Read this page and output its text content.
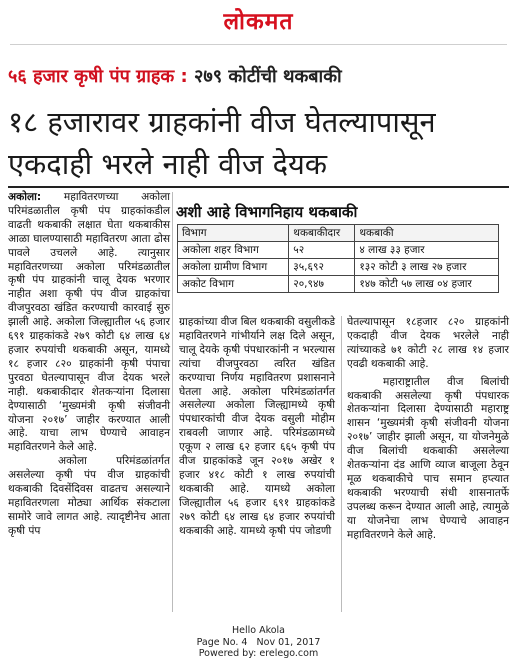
लोकमत
५६ हजार कृषी पंप ग्राहक : २७९ कोटींची थकबाकी
१८ हजारावर ग्राहकांनी वीज घेतल्यापासून
एकदाही भरले नाही वीज देयक

अकोला: महावितरणच्या अकोला परिमंडळातील कृषी पंप ग्राहकांकडील वाढती थकबाकी लक्षात घेता थकबाकीस आळा घालण्यासाठी महावितरण आता ढोस पावले उचलले आहे. त्यानुसार महावितरणच्या अकोला परिमंडळातील कृषी पंप ग्राहकांनी चालू देयक भरणार नाहीत अशा कृषी पंप वीज ग्राहकांचा वीजपुरवठा खंडित करण्याची कारवाई सुरु झाली आहे. अकोला जिल्ह्यातील ५६ हजार ६९१ ग्राहकांकडे २७९ कोटी ६४ लाख ६४ हजार रुपयांची थकबाकी असून, यामध्ये १८ हजार ८२० ग्राहकांनी कृषी पंपाचा पुरवठा घेतल्यापासून वीज देयक भरले नाही. थकबाकीदार शेतकऱ्यांना दिलासा देण्यासाठी ‘मुख्यमंत्री कृषी संजीवनी योजना २०१७’ जाहीर करण्यात आली आहे. याचा लाभ घेण्याचे आवाहन महावितरणने केले आहे.

अकोला परिमंडळांतर्गत असलेल्या कृषी पंप वीज ग्राहकांची थकबाकी दिवसेंदिवस वाढतच असल्याने महावितरणला मोठ्या आर्थिक संकटाला सामोरे जावे लागत आहे. त्यादृष्टीनेच आता कृषी पंप

अशी आहे विभागनिहाय थकबाकी
विभाग	थकबाकीदार	थकबाकी
अकोला शहर विभाग	५२	४ लाख ३३ हजार
अकोला ग्रामीण विभाग	३५,६९२	१३२ कोटी ३ लाख २७ हजार
अकोट विभाग	२०,९४७	१४७ कोटी ५७ लाख ०४ हजार

ग्राहकांच्या वीज बिल थकबाकी वसुलीकडे महावितरणने गांभीर्याने लक्ष दिले असून, चालू देयके कृषी पंपधारकांनी न भरल्यास त्यांचा वीजपुरवठा त्वरित खंडित करण्याचा निर्णय महावितरण प्रशासनाने घेतला आहे. अकोला परिमंडळांतर्गत असलेल्या अकोला जिल्ह्यामध्ये कृषी पंपधारकांची वीज देयक वसुली मोहीम राबवली जाणार आहे. परिमंडळामध्ये एकूण २ लाख ६२ हजार ६६५ कृषी पंप वीज ग्राहकांकडे जून २०१७ अखेर १ हजार ४१८ कोटी १ लाख रुपयांची थकबाकी आहे. यामध्ये अकोला जिल्ह्यातील ५६ हजार ६९१ ग्राहकांकडे २७९ कोटी ६४ लाख ६४ हजार रुपयांची थकबाकी आहे. यामध्ये कृषी पंप जोडणी

घेतल्यापासून १८हजार ८२० ग्राहकांनी एकदाही वीज देयक भरलेले नाही त्यांच्याकडे ७१ कोटी २८ लाख १४ हजार एवढी थकबाकी आहे.

महाराष्ट्रातील वीज बिलांची थकबाकी असलेल्या कृषी पंपधारक शेतकऱ्यांना दिलासा देण्यासाठी महाराष्ट्र शासन ‘मुख्यमंत्री कृषी संजीवनी योजना २०१७’ जाहीर झाली असून, या योजनेमुळे वीज बिलांची थकबाकी असलेल्या शेतकऱ्यांना दंड आणि व्याज बाजूला ठेवून मूळ थकबाकीचे पाच समान हप्त्यात थकबाकी भरण्याची संधी शासनातर्फे उपलब्ध करून देण्यात आली आहे, त्यामुळे या योजनेचा लाभ घेण्याचे आवाहन महावितरणने केले आहे.

Hello Akola
Page No. 4   Nov 01, 2017
Powered by: erelego.com
